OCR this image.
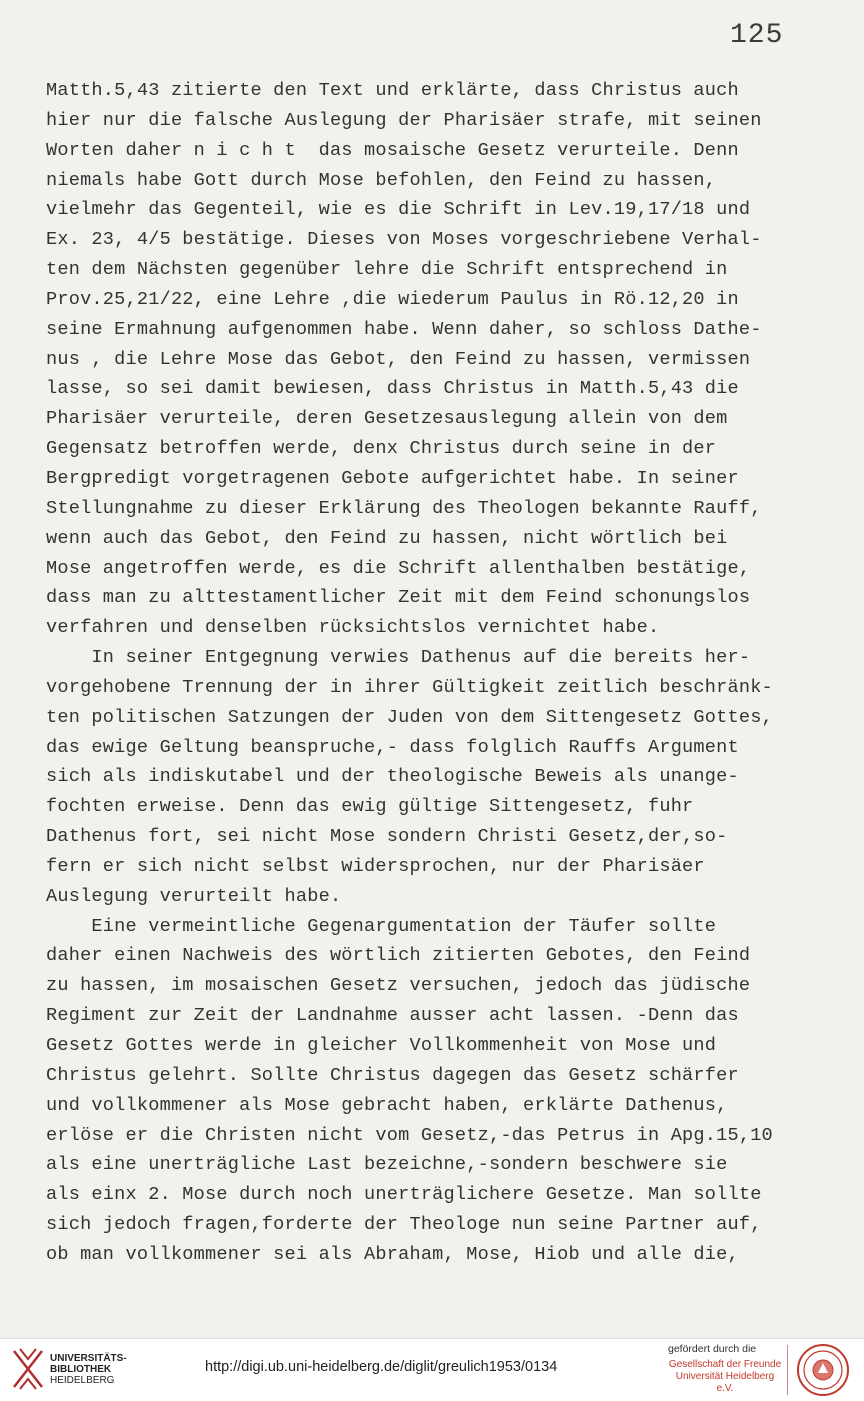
125
Matth.5,43 zitierte den Text und erklärte, dass Christus auch
hier nur die falsche Auslegung der Pharisäer strafe, mit seinen
Worten daher n i c h t  das mosaische Gesetz verurteile. Denn
niemals habe Gott durch Mose befohlen, den Feind zu hassen,
vielmehr das Gegenteil, wie es die Schrift in Lev.19,17/18 und
Ex. 23, 4/5 bestätige. Dieses von Moses vorgeschriebene Verhal-
ten dem Nächsten gegenüber lehre die Schrift entsprechend in
Prov.25,21/22, eine Lehre ,die wiederum Paulus in Rö.12,20 in
seine Ermahnung aufgenommen habe. Wenn daher, so schloss Dathe-
nus , die Lehre Mose das Gebot, den Feind zu hassen, vermissen
lasse, so sei damit bewiesen, dass Christus in Matth.5,43 die
Pharisäer verurteile, deren Gesetzesauslegung allein von dem
Gegensatz betroffen werde, denx Christus durch seine in der
Bergpredigt vorgetragenen Gebote aufgerichtet habe. In seiner
Stellungnahme zu dieser Erklärung des Theologen bekannte Rauff,
wenn auch das Gebot, den Feind zu hassen, nicht wörtlich bei
Mose angetroffen werde, es die Schrift allenthalben bestätige,
dass man zu alttestamentlicher Zeit mit dem Feind schonungslos
verfahren und denselben rücksichtslos vernichtet habe.
In seiner Entgegnung verwies Dathenus auf die bereits her-
vorgehobene Trennung der in ihrer Gültigkeit zeitlich beschränk-
ten politischen Satzungen der Juden von dem Sittengesetz Gottes,
das ewige Geltung beanspruche,- dass folglich Rauffs Argument
sich als indiskutabel und der theologische Beweis als unange-
fochten erweise. Denn das ewig gültige Sittengesetz, fuhr
Dathenus fort, sei nicht Mose sondern Christi Gesetz,der,so-
fern er sich nicht selbst widersprochen, nur der Pharisäer
Auslegung verurteilt habe.
Eine vermeintliche Gegenargumentation der Täufer sollte
daher einen Nachweis des wörtlich zitierten Gebotes, den Feind
zu hassen, im mosaischen Gesetz versuchen, jedoch das jüdische
Regiment zur Zeit der Landnahme ausser acht lassen. -Denn das
Gesetz Gottes werde in gleicher Vollkommenheit von Mose und
Christus gelehrt. Sollte Christus dagegen das Gesetz schärfer
und vollkommener als Mose gebracht haben, erklärte Dathenus,
erlöse er die Christen nicht vom Gesetz,-das Petrus in Apg.15,10
als eine unerträgliche Last bezeichne,-sondern beschwere sie
als einx 2. Mose durch noch unerträglichere Gesetze. Man sollte
sich jedoch fragen,forderte der Theologe nun seine Partner auf,
ob man vollkommener sei als Abraham, Mose, Hiob und alle die,
UNIVERSITÄTS-
BIBLIOTHEK
HEIDELBERG
http://digi.ub.uni-heidelberg.de/diglit/greulich1953/0134
gefördert durch die
Gesellschaft der Freunde
Universität Heidelberg e.V.
